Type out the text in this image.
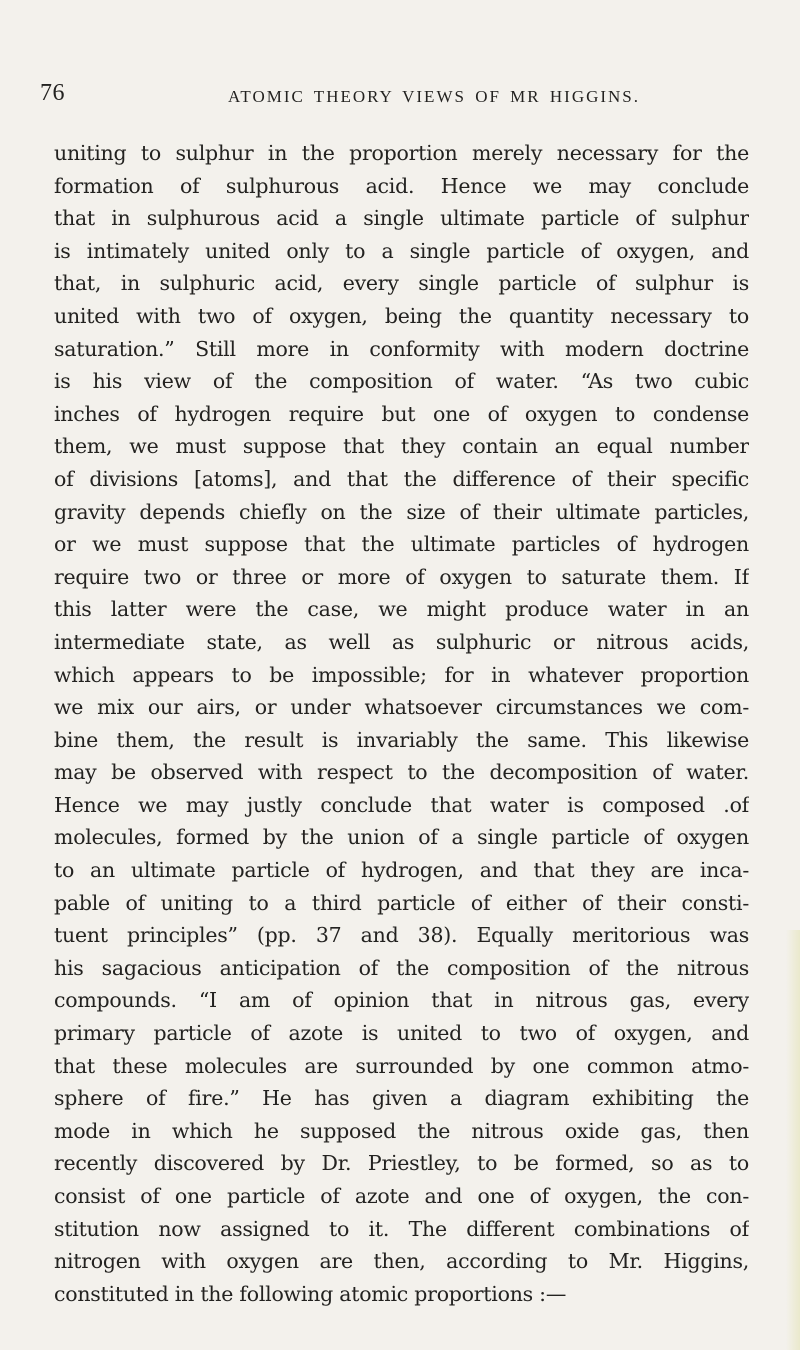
76	ATOMIC THEORY VIEWS OF MR HIGGINS.
uniting to sulphur in the proportion merely necessary for the
formation of sulphurous acid. Hence we may conclude
that in sulphurous acid a single ultimate particle of sulphur
is intimately united only to a single particle of oxygen, and
that, in sulphuric acid, every single particle of sulphur is
united with two of oxygen, being the quantity necessary to
saturation.” Still more in conformity with modern doctrine
is his view of the composition of water. “As two cubic
inches of hydrogen require but one of oxygen to condense
them, we must suppose that they contain an equal number
of divisions [atoms], and that the difference of their specific
gravity depends chiefly on the size of their ultimate particles,
or we must suppose that the ultimate particles of hydrogen
require two or three or more of oxygen to saturate them. If
this latter were the case, we might produce water in an
intermediate state, as well as sulphuric or nitrous acids,
which appears to be impossible; for in whatever proportion
we mix our airs, or under whatsoever circumstances we com-
bine them, the result is invariably the same. This likewise
may be observed with respect to the decomposition of water.
Hence we may justly conclude that water is composed .of
molecules, formed by the union of a single particle of oxygen
to an ultimate particle of hydrogen, and that they are inca-
pable of uniting to a third particle of either of their consti-
tuent principles” (pp. 37 and 38). Equally meritorious was
his sagacious anticipation of the composition of the nitrous
compounds. “I am of opinion that in nitrous gas, every
primary particle of azote is united to two of oxygen, and
that these molecules are surrounded by one common atmo-
sphere of fire.” He has given a diagram exhibiting the
mode in which he supposed the nitrous oxide gas, then
recently discovered by Dr. Priestley, to be formed, so as to
consist of one particle of azote and one of oxygen, the con-
stitution now assigned to it. The different combinations of
nitrogen with oxygen are then, according to Mr. Higgins,
constituted in the following atomic proportions :—
